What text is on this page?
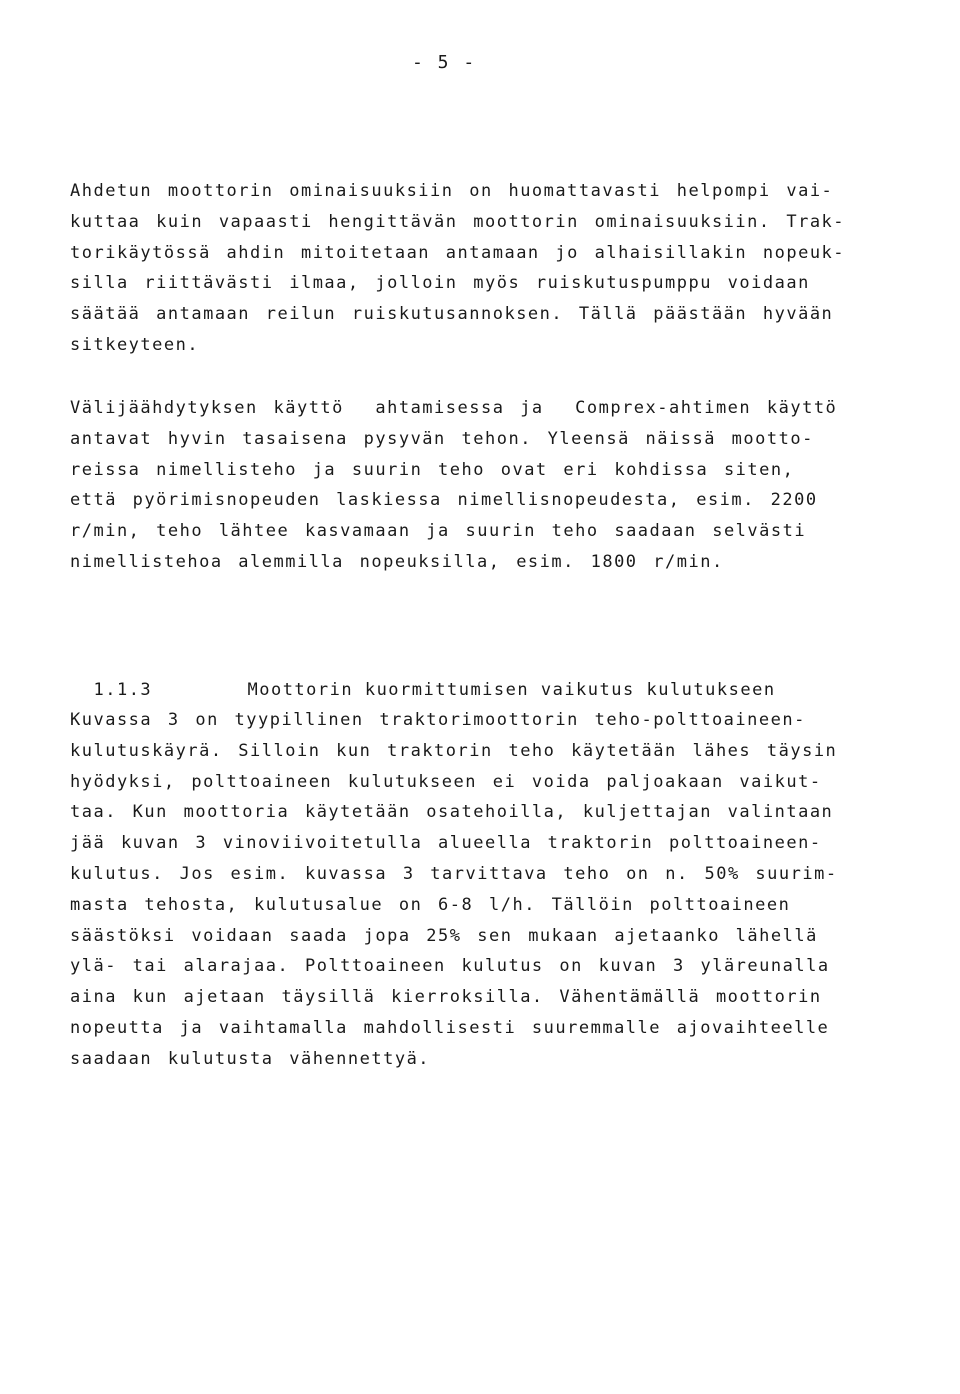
- 5 -
Ahdetun moottorin ominaisuuksiin on huomattavasti helpompi vai-
kuttaa kuin vapaasti hengittävän moottorin ominaisuuksiin. Trak-
torikäytössä ahdin mitoitetaan antamaan jo alhaisillakin nopeuk-
silla riittävästi ilmaa, jolloin myös ruiskutuspumppu voidaan
säätää antamaan reilun ruiskutusannoksen. Tällä päästään hyvään
sitkeyteen.
Välijäähdytyksen käyttö  ahtamisessa ja  Comprex-ahtimen käyttö
antavat hyvin tasaisena pysyvän tehon. Yleensä näissä mootto-
reissa nimellisteho ja suurin teho ovat eri kohdissa siten,
että pyörimisnopeuden laskiessa nimellisnopeudesta, esim. 2200
r/min, teho lähtee kasvamaan ja suurin teho saadaan selvästi
nimellistehoa alemmilla nopeuksilla, esim. 1800 r/min.

1.1.3	Moottorin kuormittumisen vaikutus kulutukseen

Kuvassa 3 on tyypillinen traktorimoottorin teho-polttoaineen-
kulutuskäyrä. Silloin kun traktorin teho käytetään lähes täysin
hyödyksi, polttoaineen kulutukseen ei voida paljoakaan vaikut-
taa. Kun moottoria käytetään osatehoilla, kuljettajan valintaan
jää kuvan 3 vinoviivoitetulla alueella traktorin polttoaineen-
kulutus. Jos esim. kuvassa 3 tarvittava teho on n. 50% suurim-
masta tehosta, kulutusalue on 6-8 l/h. Tällöin polttoaineen
säästöksi voidaan saada jopa 25% sen mukaan ajetaanko lähellä
ylä- tai alarajaa. Polttoaineen kulutus on kuvan 3 yläreunalla
aina kun ajetaan täysillä kierroksilla. Vähentämällä moottorin
nopeutta ja vaihtamalla mahdollisesti suuremmalle ajovaihteelle
saadaan kulutusta vähennettyä.
